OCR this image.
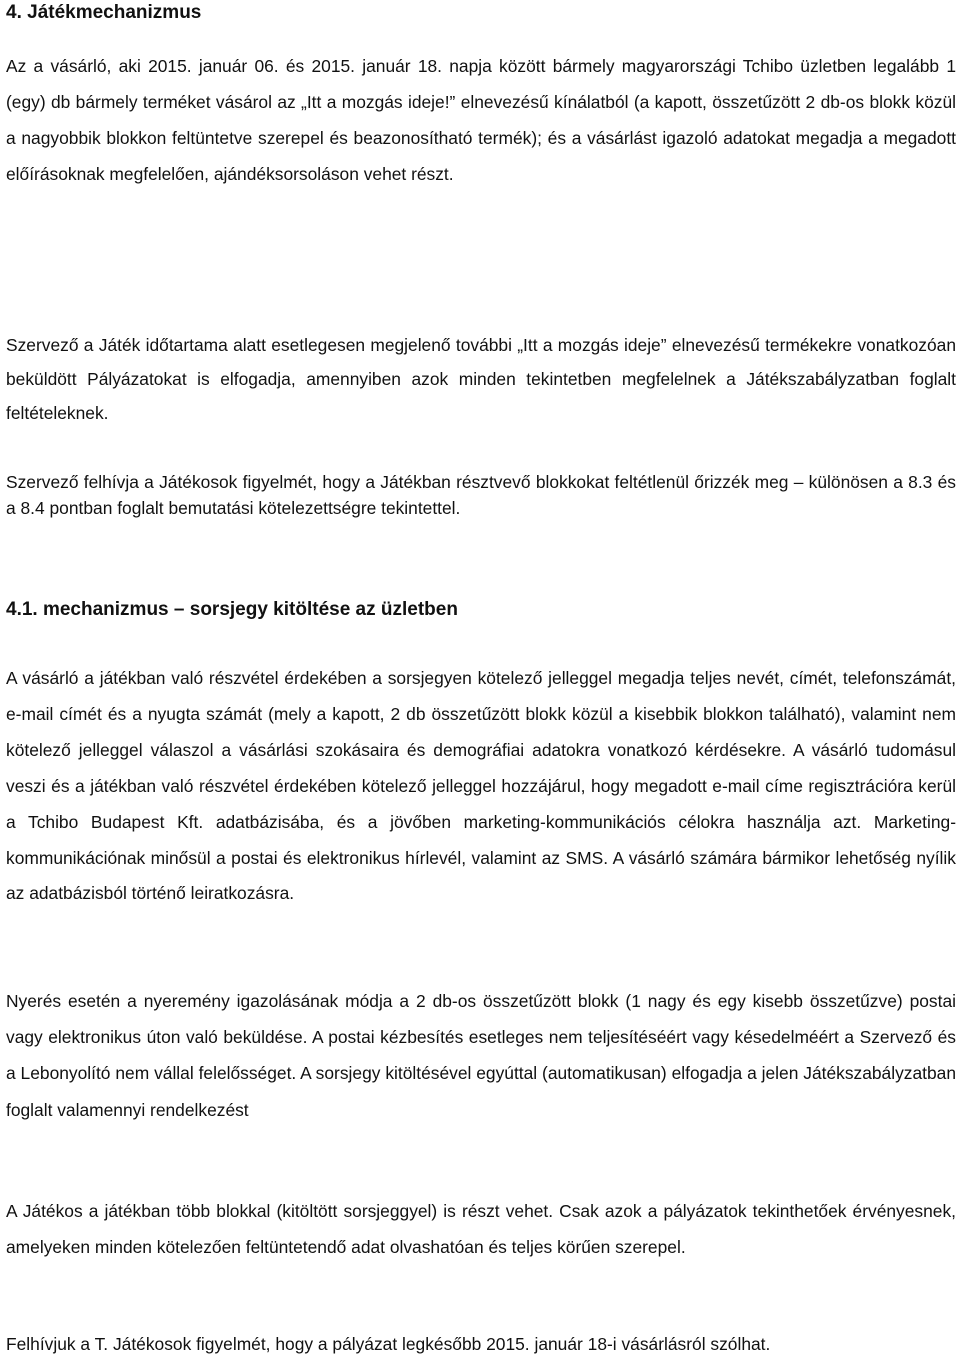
4. Játékmechanizmus

Az a vásárló, aki 2015. január 06. és 2015. január 18. napja között bármely magyarországi Tchibo üzletben legalább 1 (egy) db bármely terméket vásárol az „Itt a mozgás ideje!” elnevezésű kínálatból (a kapott, összetűzött 2 db-os blokk közül a nagyobbik blokkon feltüntetve szerepel és beazonosítható termék); és a vásárlást igazoló adatokat megadja a megadott előírásoknak megfelelően, ajándéksorsoláson vehet részt.

Szervező a Játék időtartama alatt esetlegesen megjelenő további „Itt a mozgás ideje” elnevezésű termékekre vonatkozóan beküldött Pályázatokat is elfogadja, amennyiben azok minden tekintetben megfelelnek a Játékszabályzatban foglalt feltételeknek.

Szervező felhívja a Játékosok figyelmét, hogy a Játékban résztvevő blokkokat feltétlenül őrizzék meg – különösen a 8.3 és a 8.4 pontban foglalt bemutatási kötelezettségre tekintettel.

4.1. mechanizmus – sorsjegy kitöltése az üzletben

A vásárló a játékban való részvétel érdekében a sorsjegyen kötelező jelleggel megadja teljes nevét, címét, telefonszámát, e-mail címét és a nyugta számát (mely a kapott, 2 db összetűzött blokk közül a kisebbik blokkon található), valamint nem kötelező jelleggel válaszol a vásárlási szokásaira és demográfiai adatokra vonatkozó kérdésekre. A vásárló tudomásul veszi és a játékban való részvétel érdekében kötelező jelleggel hozzájárul, hogy megadott e-mail címe regisztrációra kerül a Tchibo Budapest Kft. adatbázisába, és a jövőben marketing-kommunikációs célokra használja azt. Marketing-kommunikációnak minősül a postai és elektronikus hírlevél, valamint az SMS. A vásárló számára bármikor lehetőség nyílik az adatbázisból történő leiratkozásra.

Nyerés esetén a nyeremény igazolásának módja a 2 db-os összetűzött blokk (1 nagy és egy kisebb összetűzve) postai vagy elektronikus úton való beküldése. A postai kézbesítés esetleges nem teljesítéséért vagy késedelméért a Szervező és a Lebonyolító nem vállal felelősséget. A sorsjegy kitöltésével egyúttal (automatikusan) elfogadja a jelen Játékszabályzatban foglalt valamennyi rendelkezést

A Játékos a játékban több blokkal (kitöltött sorsjeggyel) is részt vehet. Csak azok a pályázatok tekinthetőek érvényesnek, amelyeken minden kötelezően feltüntetendő adat olvashatóan és teljes körűen szerepel.

Felhívjuk a T. Játékosok figyelmét, hogy a pályázat legkésőbb 2015. január 18-i vásárlásról szólhat.
